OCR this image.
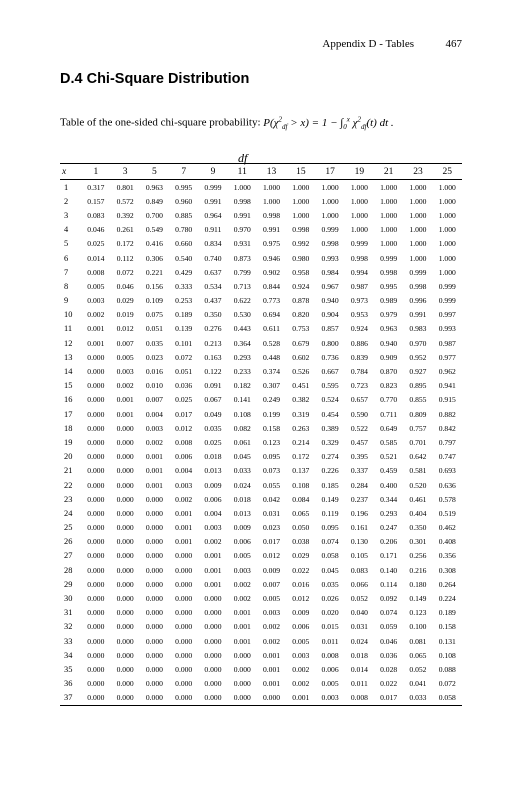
Appendix D - Tables	467
D.4 Chi-Square Distribution
Table of the one-sided chi-square probability: $P(\chi^2_{df} > x) = 1 - \int_0^x$ $\chi^2_{df}(t)$ dt .
df
x	1	3	5	7	9	11	13	15	17	19	21	23	25
1	0.317	0.801	0.963	0.995	0.999	1.000	1.000	1.000	1.000	1.000	1.000	1.000	1.000
2	0.157	0.572	0.849	0.960	0.991	0.998	1.000	1.000	1.000	1.000	1.000	1.000	1.000
3	0.083	0.392	0.700	0.885	0.964	0.991	0.998	1.000	1.000	1.000	1.000	1.000	1.000
4	0.046	0.261	0.549	0.780	0.911	0.970	0.991	0.998	0.999	1.000	1.000	1.000	1.000
5	0.025	0.172	0.416	0.660	0.834	0.931	0.975	0.992	0.998	0.999	1.000	1.000	1.000
6	0.014	0.112	0.306	0.540	0.740	0.873	0.946	0.980	0.993	0.998	0.999	1.000	1.000
7	0.008	0.072	0.221	0.429	0.637	0.799	0.902	0.958	0.984	0.994	0.998	0.999	1.000
8	0.005	0.046	0.156	0.333	0.534	0.713	0.844	0.924	0.967	0.987	0.995	0.998	0.999
9	0.003	0.029	0.109	0.253	0.437	0.622	0.773	0.878	0.940	0.973	0.989	0.996	0.999
10	0.002	0.019	0.075	0.189	0.350	0.530	0.694	0.820	0.904	0.953	0.979	0.991	0.997
11	0.001	0.012	0.051	0.139	0.276	0.443	0.611	0.753	0.857	0.924	0.963	0.983	0.993
12	0.001	0.007	0.035	0.101	0.213	0.364	0.528	0.679	0.800	0.886	0.940	0.970	0.987
13	0.000	0.005	0.023	0.072	0.163	0.293	0.448	0.602	0.736	0.839	0.909	0.952	0.977
14	0.000	0.003	0.016	0.051	0.122	0.233	0.374	0.526	0.667	0.784	0.870	0.927	0.962
15	0.000	0.002	0.010	0.036	0.091	0.182	0.307	0.451	0.595	0.723	0.823	0.895	0.941
16	0.000	0.001	0.007	0.025	0.067	0.141	0.249	0.382	0.524	0.657	0.770	0.855	0.915
17	0.000	0.001	0.004	0.017	0.049	0.108	0.199	0.319	0.454	0.590	0.711	0.809	0.882
18	0.000	0.000	0.003	0.012	0.035	0.082	0.158	0.263	0.389	0.522	0.649	0.757	0.842
19	0.000	0.000	0.002	0.008	0.025	0.061	0.123	0.214	0.329	0.457	0.585	0.701	0.797
20	0.000	0.000	0.001	0.006	0.018	0.045	0.095	0.172	0.274	0.395	0.521	0.642	0.747
21	0.000	0.000	0.001	0.004	0.013	0.033	0.073	0.137	0.226	0.337	0.459	0.581	0.693
22	0.000	0.000	0.001	0.003	0.009	0.024	0.055	0.108	0.185	0.284	0.400	0.520	0.636
23	0.000	0.000	0.000	0.002	0.006	0.018	0.042	0.084	0.149	0.237	0.344	0.461	0.578
24	0.000	0.000	0.000	0.001	0.004	0.013	0.031	0.065	0.119	0.196	0.293	0.404	0.519
25	0.000	0.000	0.000	0.001	0.003	0.009	0.023	0.050	0.095	0.161	0.247	0.350	0.462
26	0.000	0.000	0.000	0.001	0.002	0.006	0.017	0.038	0.074	0.130	0.206	0.301	0.408
27	0.000	0.000	0.000	0.000	0.001	0.005	0.012	0.029	0.058	0.105	0.171	0.256	0.356
28	0.000	0.000	0.000	0.000	0.001	0.003	0.009	0.022	0.045	0.083	0.140	0.216	0.308
29	0.000	0.000	0.000	0.000	0.001	0.002	0.007	0.016	0.035	0.066	0.114	0.180	0.264
30	0.000	0.000	0.000	0.000	0.000	0.002	0.005	0.012	0.026	0.052	0.092	0.149	0.224
31	0.000	0.000	0.000	0.000	0.000	0.001	0.003	0.009	0.020	0.040	0.074	0.123	0.189
32	0.000	0.000	0.000	0.000	0.000	0.001	0.002	0.006	0.015	0.031	0.059	0.100	0.158
33	0.000	0.000	0.000	0.000	0.000	0.001	0.002	0.005	0.011	0.024	0.046	0.081	0.131
34	0.000	0.000	0.000	0.000	0.000	0.000	0.001	0.003	0.008	0.018	0.036	0.065	0.108
35	0.000	0.000	0.000	0.000	0.000	0.000	0.001	0.002	0.006	0.014	0.028	0.052	0.088
36	0.000	0.000	0.000	0.000	0.000	0.000	0.001	0.002	0.005	0.011	0.022	0.041	0.072
37	0.000	0.000	0.000	0.000	0.000	0.000	0.000	0.001	0.003	0.008	0.017	0.033	0.058
